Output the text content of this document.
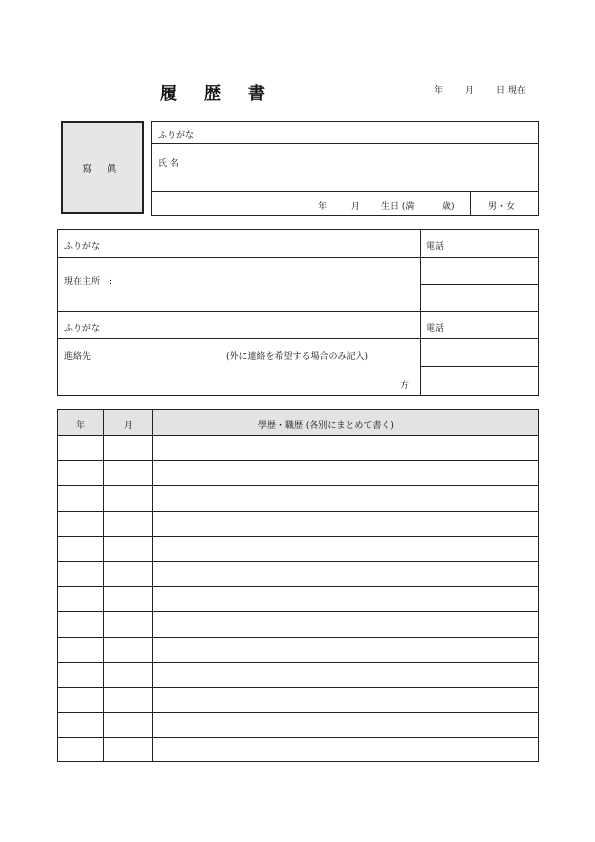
履 歴 書	年 月 日 現在
寫 眞
ふりがな
氏 名
年	月 生日 (満	歳)	男・女
ふりがな	電話
現在主所　:
ふりがな	電話
進絡先	(外に連絡を希望する場合のみ記入)
方
年	月	學歴・職歴 (各別にまとめて書く)
